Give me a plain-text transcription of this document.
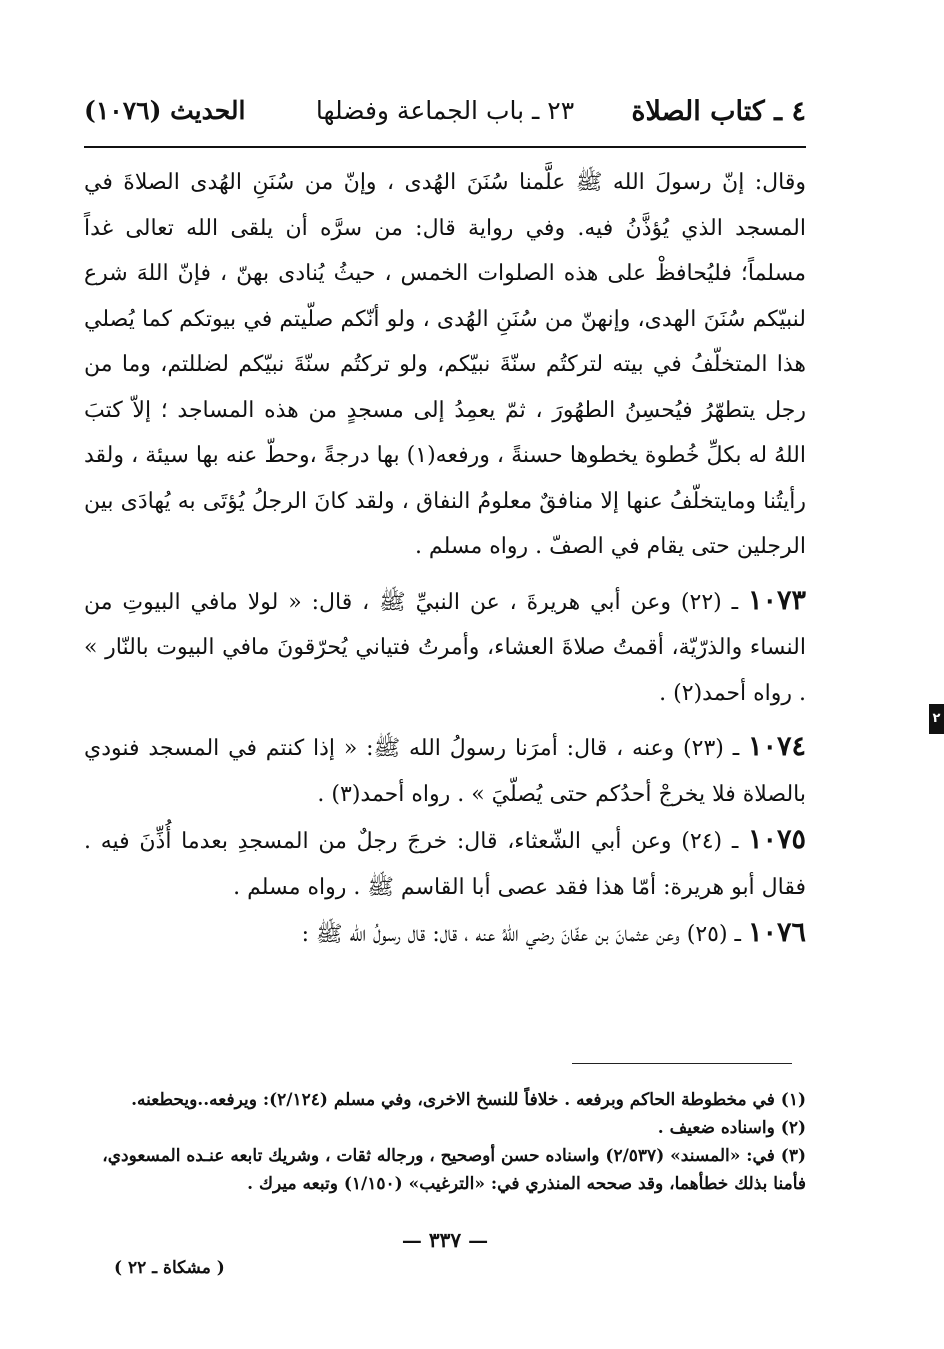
٤ ـ كتاب الصلاة
٢٣ ـ باب الجماعة وفضلها
الحديث (١٠٧٦)

وقال: إنّ رسولَ الله ﷺ علَّمنا سُنَنَ الهُدى ، وإنّ من سُنَنِ الهُدى الصلاةَ في المسجد الذي يُؤذَّنُ فيه. وفي رواية قال: من سرَّه أن يلقى الله تعالى غداً مسلماً؛ فليُحافظْ على هذه الصلوات الخمس ، حيثُ يُنادى بهنّ ، فإنّ اللهَ شرع لنبيّكم سُنَنَ الهدى، وإنهنّ من سُنَنِ الهُدى ، ولو أنّكم صلّيتم في بيوتكم كما يُصلي هذا المتخلّفُ في بيته لتركتُم سنّةَ نبيّكم، ولو تركتُم سنّةَ نبيّكم لضللتم، وما من رجل يتطهّرُ فيُحسِنُ الطهُورَ ، ثمّ يعمِدُ إلى مسجدٍ من هذه المساجد ؛ إلاّ كتبَ اللهُ له بكلِّ خُطوة يخطوها حسنةً ، ورفعه(١) بها درجةً ،وحطّ عنه بها سيئة ، ولقد رأيتُنا ومايتخلّفُ عنها إلا منافقٌ معلومُ النفاق ، ولقد كانَ الرجلُ يُؤتَى به يُهادَى بين الرجلين حتى يقام في الصفّ . رواه مسلم .

١٠٧٣ ـ (٢٢) وعن أبي هريرةَ ، عن النبيِّ ﷺ ، قال: « لولا مافي البيوتِ من النساء والذرّيّة، أقمتُ صلاةَ العشاء، وأمرتُ فتياني يُحرّقونَ مافي البيوت بالنّار » . رواه أحمد(٢) .

١٠٧٤ ـ (٢٣) وعنه ، قال: أمرَنا رسولُ الله ﷺ: « إذا كنتم في المسجد فنودي بالصلاة فلا يخرجْ أحدُكم حتى يُصلّيَ » . رواه أحمد(٣) .

١٠٧٥ ـ (٢٤) وعن أبي الشّعثاء، قال: خرجَ رجلٌ من المسجدِ بعدما أُذِّنَ فيه . فقال أبو هريرة: أمّا هذا فقد عصى أبا القاسم ﷺ . رواه مسلم .

١٠٧٦ ـ (٢٥) وعن عثمانَ بن عفّانَ رضي اللهُ عنه ، قال: قال رسولُ الله ﷺ :

(١) في مخطوطة الحاكم وبرفعه . خلافاً للنسخ الاخرى، وفي مسلم (٢/١٢٤): ويرفعه..ويحطعنه.

(٢) واسناده ضعيف .

(٣) في: «المسند» (٢/٥٣٧) واسناده حسن أوصحيح ، ورجاله ثقات ، وشريك تابعه عنـده المسعودي، فأمنا بذلك خطأهما، وقد صححه المنذري في: «الترغيب» (١/١٥٠) وتبعه ميرك .

— ٣٣٧ —
( مشكاة ـ ٢٢ )
٢
